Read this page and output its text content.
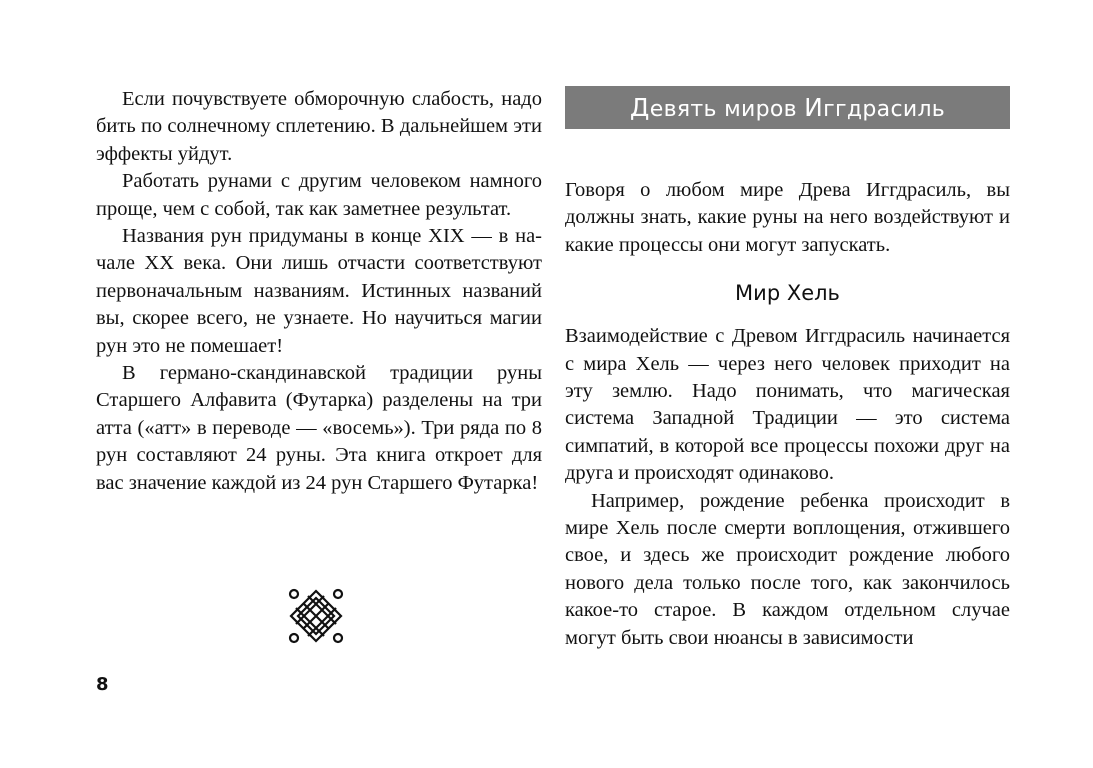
Если почувствуете обморочную слабость, надо бить по солнечному сплетению. В дальнейшем эти эффекты уйдут.

Работать рунами с другим человеком намного проще, чем с собой, так как заметнее результат.

Названия рун придуманы в конце XIX — в начале XX века. Они лишь отчасти соответствуют первоначальным названиям. Истинных названий вы, скорее всего, не узнаете. Но научиться магии рун это не помешает!

В германо-скандинавской традиции руны Старшего Алфавита (Футарка) разделены на три атта («атт» в переводе — «восемь»). Три ряда по 8 рун составляют 24 руны. Эта книга откроет для вас значение каждой из 24 рун Старшего Футарка!

Девять миров Иггдрасиль

Говоря о любом мире Древа Иггдрасиль, вы должны знать, какие руны на него воздействуют и какие процессы они могут запускать.

Мир Хель

Взаимодействие с Древом Иггдрасиль начинается с мира Хель — через него человек приходит на эту землю. Надо понимать, что магическая система Западной Традиции — это система симпатий, в которой все процессы похожи друг на друга и происходят одинаково.

Например, рождение ребенка происходит в мире Хель после смерти воплощения, отжившего свое, и здесь же происходит рождение любого нового дела только после того, как закончилось какое-то старое. В каждом отдельном случае могут быть свои нюансы в зависимости

8
